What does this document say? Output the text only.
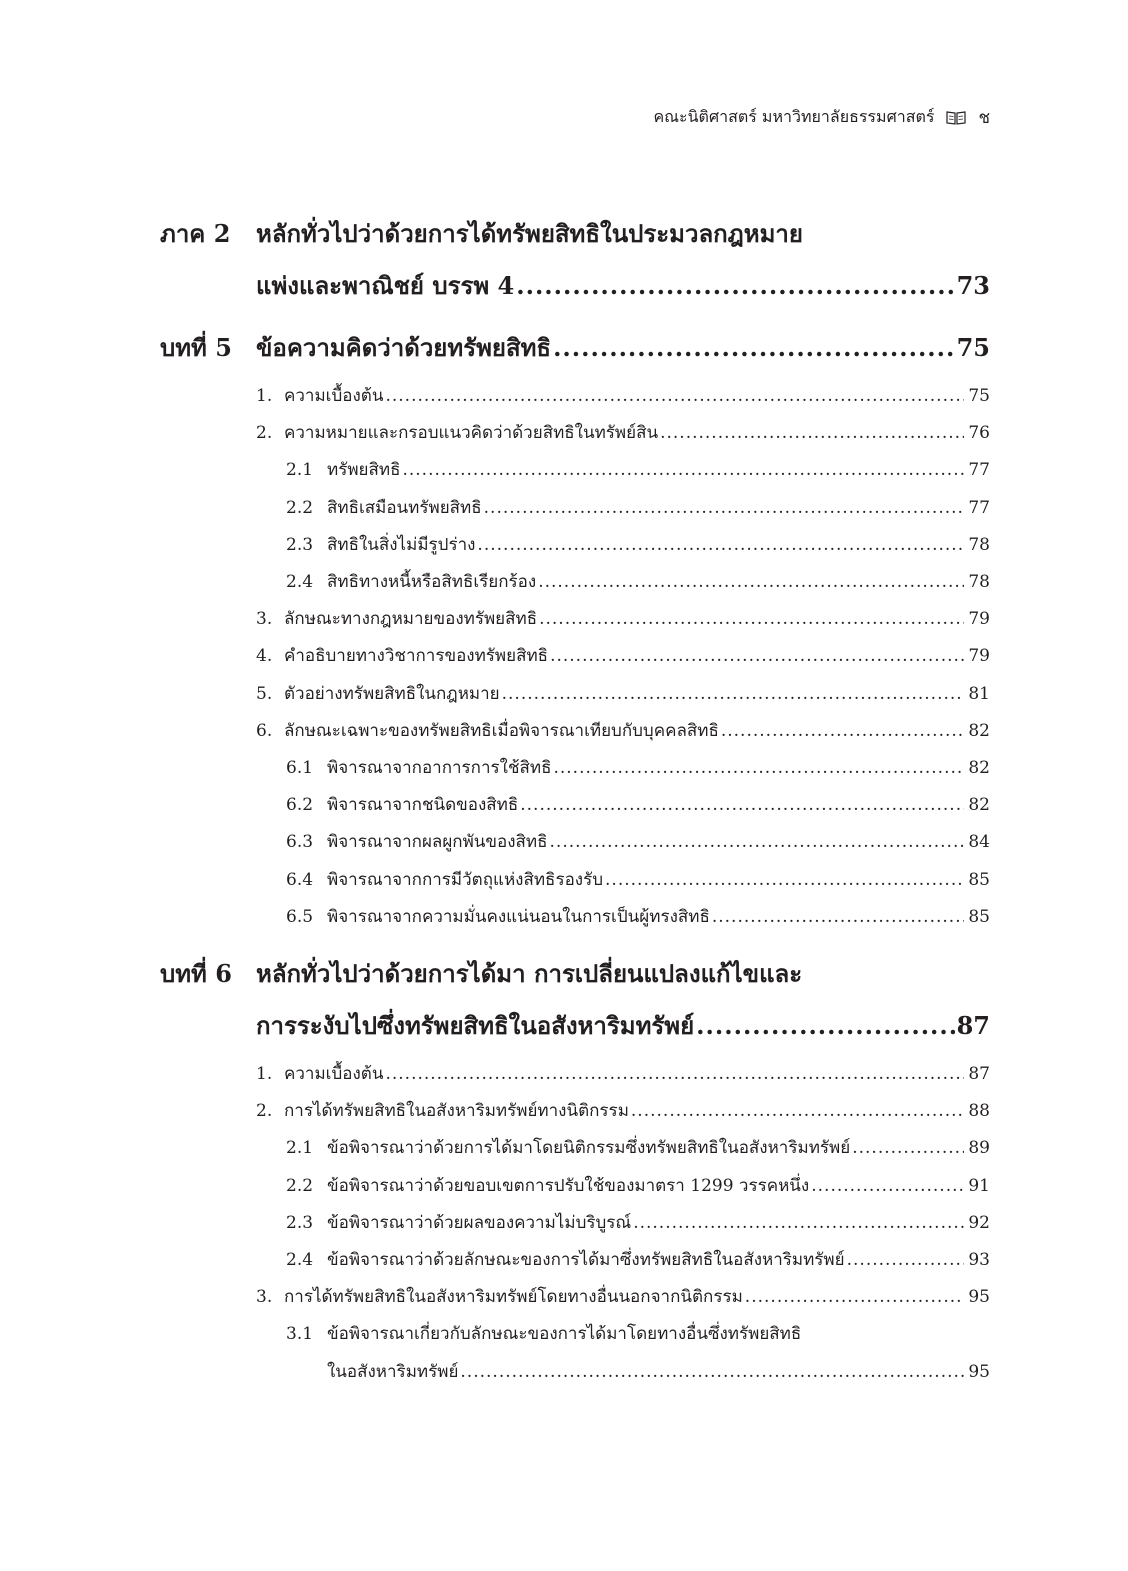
คณะนิติศาสตร์ มหาวิทยาลัยธรรมศาสตร์	ช
ภาค 2	หลักทั่วไปว่าด้วยการได้ทรัพยสิทธิในประมวลกฎหมาย
แพ่งและพาณิชย์ บรรพ 4 .....	73
บทที่ 5	ข้อความคิดว่าด้วยทรัพยสิทธิ .....	75
1. ความเบื้องต้น .....	75
2. ความหมายและกรอบแนวคิดว่าด้วยสิทธิในทรัพย์สิน .....	76
2.1 ทรัพยสิทธิ .....	77
2.2 สิทธิเสมือนทรัพยสิทธิ .....	77
2.3 สิทธิในสิ่งไม่มีรูปร่าง .....	78
2.4 สิทธิทางหนี้หรือสิทธิเรียกร้อง .....	78
3. ลักษณะทางกฎหมายของทรัพยสิทธิ .....	79
4. คำอธิบายทางวิชาการของทรัพยสิทธิ .....	79
5. ตัวอย่างทรัพยสิทธิในกฎหมาย .....	81
6. ลักษณะเฉพาะของทรัพยสิทธิเมื่อพิจารณาเทียบกับบุคคลสิทธิ .....	82
6.1 พิจารณาจากอาการการใช้สิทธิ .....	82
6.2 พิจารณาจากชนิดของสิทธิ .....	82
6.3 พิจารณาจากผลผูกพันของสิทธิ .....	84
6.4 พิจารณาจากการมีวัตถุแห่งสิทธิรองรับ .....	85
6.5 พิจารณาจากความมั่นคงแน่นอนในการเป็นผู้ทรงสิทธิ .....	85
บทที่ 6	หลักทั่วไปว่าด้วยการได้มา การเปลี่ยนแปลงแก้ไขและ
การระงับไปซึ่งทรัพยสิทธิในอสังหาริมทรัพย์ .....	87
1. ความเบื้องต้น .....	87
2. การได้ทรัพยสิทธิในอสังหาริมทรัพย์ทางนิติกรรม .....	88
2.1 ข้อพิจารณาว่าด้วยการได้มาโดยนิติกรรมซึ่งทรัพยสิทธิในอสังหาริมทรัพย์ .....	89
2.2 ข้อพิจารณาว่าด้วยขอบเขตการปรับใช้ของมาตรา 1299 วรรคหนึ่ง .....	91
2.3 ข้อพิจารณาว่าด้วยผลของความไม่บริบูรณ์ .....	92
2.4 ข้อพิจารณาว่าด้วยลักษณะของการได้มาซึ่งทรัพยสิทธิในอสังหาริมทรัพย์ .....	93
3. การได้ทรัพยสิทธิในอสังหาริมทรัพย์โดยทางอื่นนอกจากนิติกรรม .....	95
3.1 ข้อพิจารณาเกี่ยวกับลักษณะของการได้มาโดยทางอื่นซึ่งทรัพยสิทธิ
ในอสังหาริมทรัพย์ .....	95
